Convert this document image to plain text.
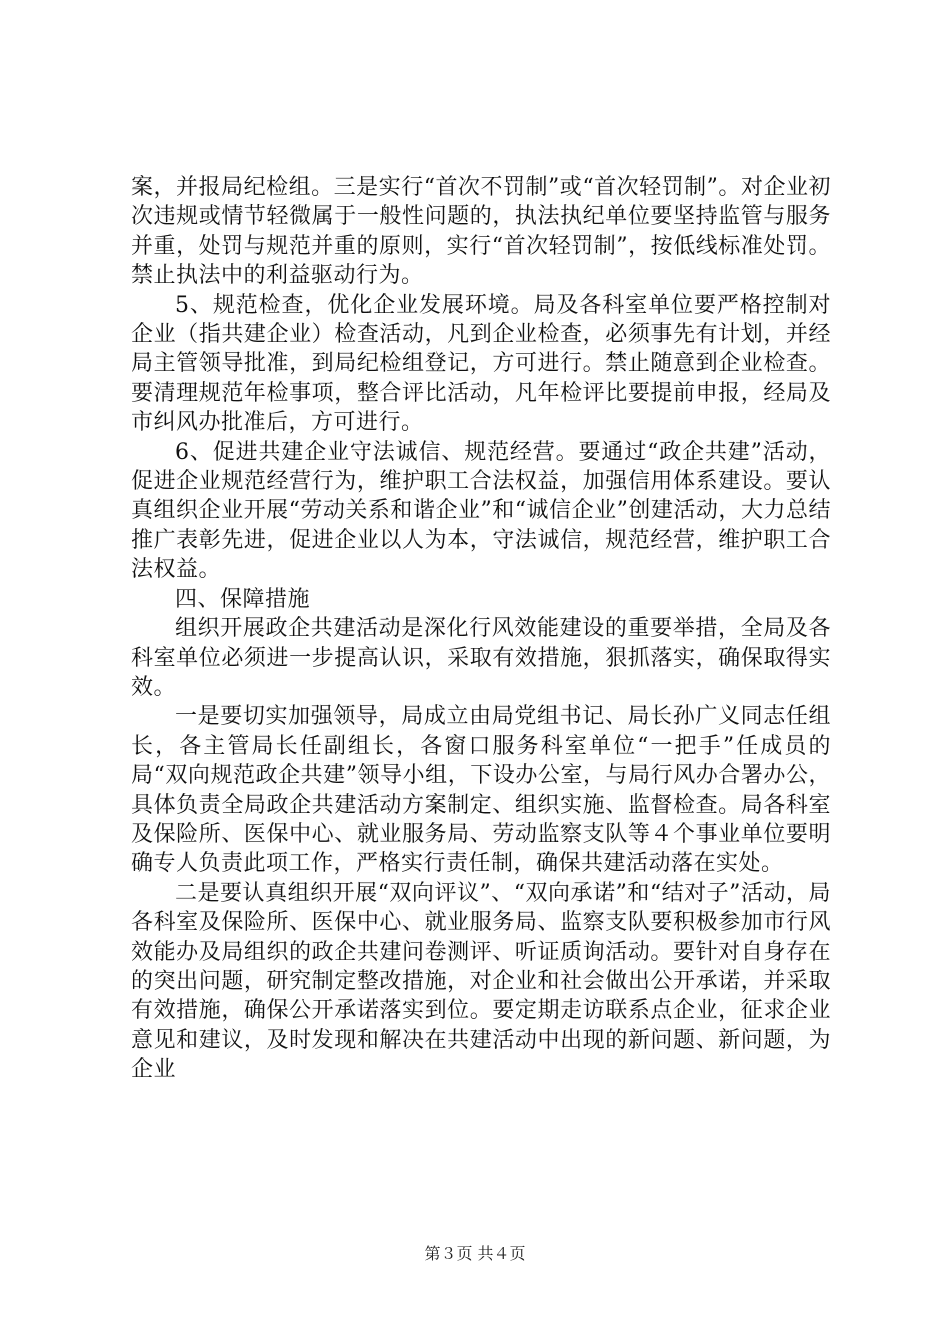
案，并报局纪检组。三是实行“首次不罚制”或“首次轻罚制”。对企业初次违规或情节轻微属于一般性问题的，执法执纪单位要坚持监管与服务并重，处罚与规范并重的原则，实行“首次轻罚制”，按低线标准处罚。禁止执法中的利益驱动行为。

5、规范检查，优化企业发展环境。局及各科室单位要严格控制对企业（指共建企业）检查活动，凡到企业检查，必须事先有计划，并经局主管领导批准，到局纪检组登记，方可进行。禁止随意到企业检查。要清理规范年检事项，整合评比活动，凡年检评比要提前申报，经局及市纠风办批准后，方可进行。

6、促进共建企业守法诚信、规范经营。要通过“政企共建”活动，促进企业规范经营行为，维护职工合法权益，加强信用体系建设。要认真组织企业开展“劳动关系和谐企业”和“诚信企业”创建活动，大力总结推广表彰先进，促进企业以人为本，守法诚信，规范经营，维护职工合法权益。

四、保障措施

组织开展政企共建活动是深化行风效能建设的重要举措，全局及各科室单位必须进一步提高认识，采取有效措施，狠抓落实，确保取得实效。

一是要切实加强领导，局成立由局党组书记、局长孙广义同志任组长，各主管局长任副组长，各窗口服务科室单位“一把手”任成员的局“双向规范政企共建”领导小组，下设办公室，与局行风办合署办公，具体负责全局政企共建活动方案制定、组织实施、监督检查。局各科室及保险所、医保中心、就业服务局、劳动监察支队等４个事业单位要明确专人负责此项工作，严格实行责任制，确保共建活动落在实处。

二是要认真组织开展“双向评议”、“双向承诺”和“结对子”活动，局各科室及保险所、医保中心、就业服务局、监察支队要积极参加市行风效能办及局组织的政企共建问卷测评、听证质询活动。要针对自身存在的突出问题，研究制定整改措施，对企业和社会做出公开承诺，并采取有效措施，确保公开承诺落实到位。要定期走访联系点企业，征求企业意见和建议，及时发现和解决在共建活动中出现的新问题、新问题，为企业

第３页 共４页
